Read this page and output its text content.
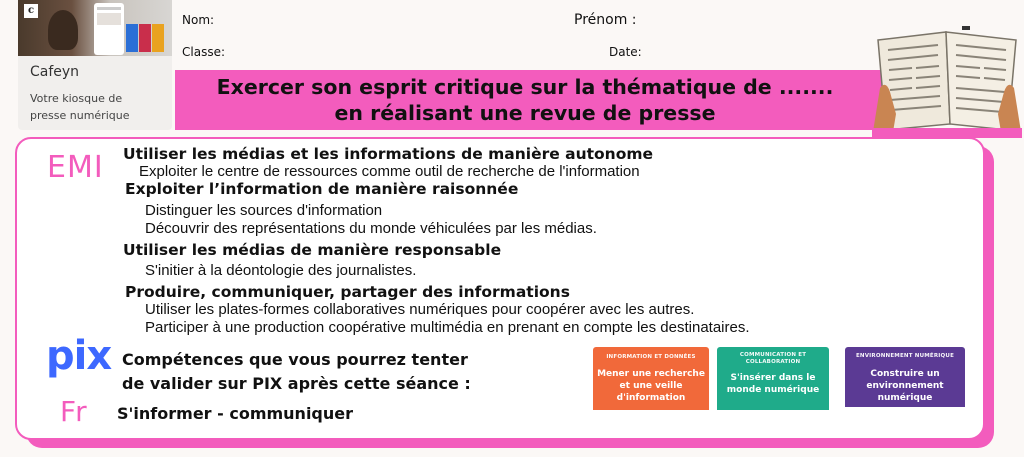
c
Cafeyn
Votre kiosque de
presse numérique
Nom:	Prénom :
Classe:	Date:
Exercer son esprit critique sur la thématique de .......
en réalisant une revue de presse
EMI Utiliser les médias et les informations de manière autonome
Exploiter le centre de ressources comme outil de recherche de l'information
Exploiter l’information de manière raisonnée
Distinguer les sources d'information
Découvrir des représentations du monde véhiculées par les médias.
Utiliser les médias de manière responsable
S'initier à la déontologie des journalistes.
Produire, communiquer, partager des informations
Utiliser les plates-formes collaboratives numériques pour coopérer avec les autres.
Participer à une production coopérative multimédia en prenant en compte les destinataires.
pix Compétences que vous pourrez tenter
de valider sur PIX après cette séance :
Fr S'informer - communiquer
INFORMATION ET DONNÉES
Mener une recherche et une veille d'information
COMMUNICATION ET COLLABORATION
S'insérer dans le monde numérique
ENVIRONNEMENT NUMÉRIQUE
Construire un environnement numérique
